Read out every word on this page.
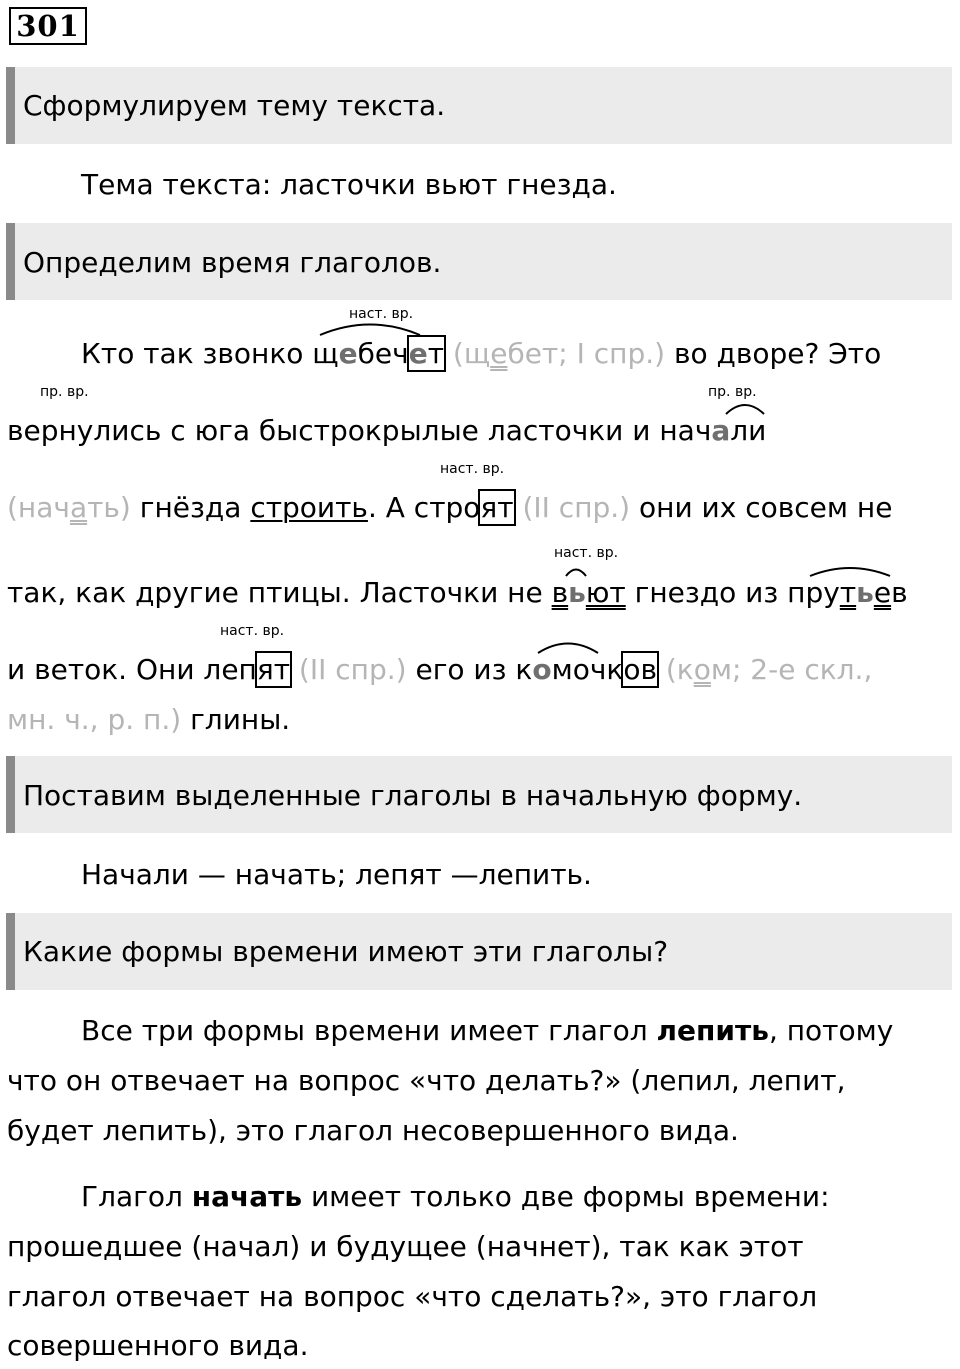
301
Сформулируем тему текста.
Тема текста: ласточки вьют гнезда.
Определим время глаголов.
наст. вр.
пр. вр.	пр. вр.
наст. вр.
наст. вр.
наст. вр.
Кто так звонко щебечет (щебет; I спр.) во дворе? Это
вернулись с юга быстрокрылые ласточки и начали
(начать) гнёзда строить. А строят (II спр.) они их совсем не
так, как другие птицы. Ласточки не вьют гнездо из прутьев
и веток. Они лепят (II спр.) его из комочков (ком; 2-е скл.,
мн. ч., р. п.) глины.
Поставим выделенные глаголы в начальную форму.
Начали — начать; лепят —лепить.
Какие формы времени имеют эти глаголы?
Все три формы времени имеет глагол лепить, потому
что он отвечает на вопрос «что делать?» (лепил, лепит,
будет лепить), это глагол несовершенного вида.
Глагол начать имеет только две формы времени:
прошедшее (начал) и будущее (начнет), так как этот
глагол отвечает на вопрос «что сделать?», это глагол
совершенного вида.
